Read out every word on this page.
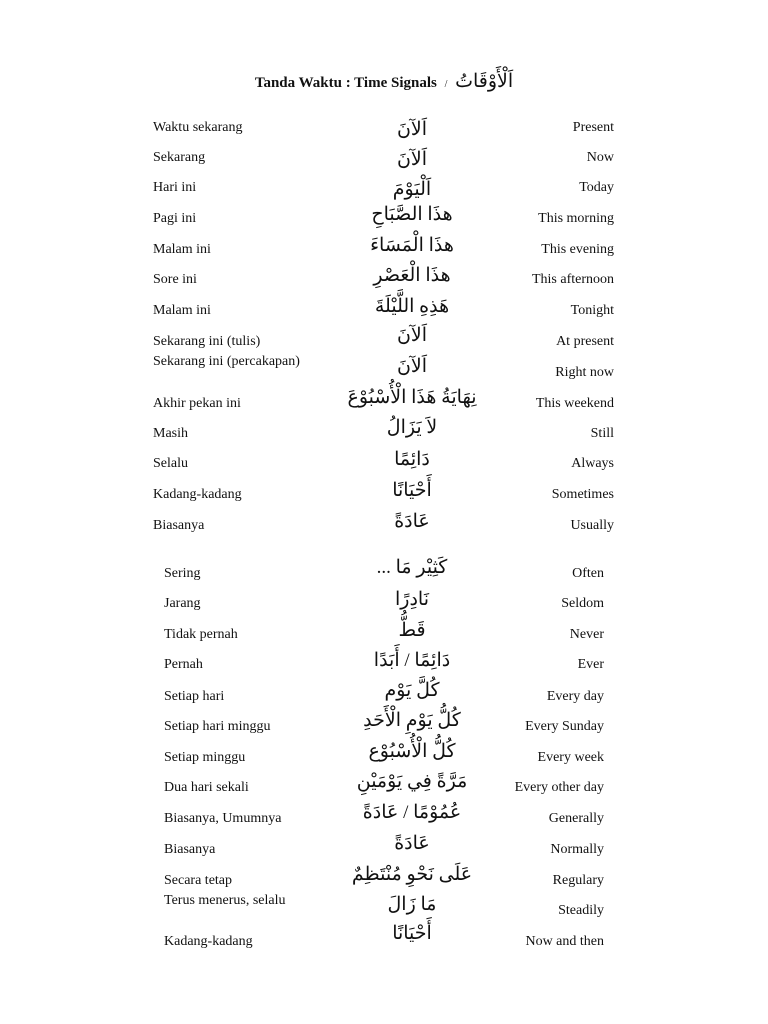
Tanda Waktu : Time Signals / اَلْأَوْقَاتُ
Waktu sekarang	اَلآنَ	Present
Sekarang	اَلآنَ	Now
Hari ini	اَلْيَوْمَ	Today
Pagi ini	هذَا الصَّبَاحِ	This morning
Malam ini	هذَا الْمَسَاءَ	This evening
Sore ini	هذَا الْعَصْرِ	This afternoon
Malam ini	هَذِهِ اللَّيْلَةَ	Tonight
Sekarang ini (tulis)	اَلآنَ	At present
Sekarang ini (percakapan)	اَلآنَ	Right now
Akhir pekan ini	نِهَايَةُ هَذَا الْأُسْبُوْعَ	This weekend
Masih	لاَ يَزَالُ	Still
Selalu	دَائِمًا	Always
Kadang-kadang	أَحْيَانًا	Sometimes
Biasanya	عَادَةً	Usually
Sering	كَثِيْر مَا ...	Often
Jarang	نَادِرًا	Seldom
Tidak pernah	قَطُّ	Never
Pernah	دَائِمًا / أَبَدًا	Ever
Setiap hari	كُلَّ يَوْم	Every day
Setiap hari minggu	كُلُّ يَوْمِ الْأَحَدِ	Every Sunday
Setiap minggu	كُلُّ الْأُسْبُوْع	Every week
Dua hari sekali	مَرَّةً فِي يَوْمَيْنِ	Every other day
Biasanya, Umumnya	عُمُوْمًا / عَادَةً	Generally
Biasanya	عَادَةً	Normally
Secara tetap	عَلَى نَحْوِ مُنْتَظِمٌ	Regulary
Terus menerus, selalu	مَا زَالَ	Steadily
Kadang-kadang	أَحْيَانًا	Now and then
